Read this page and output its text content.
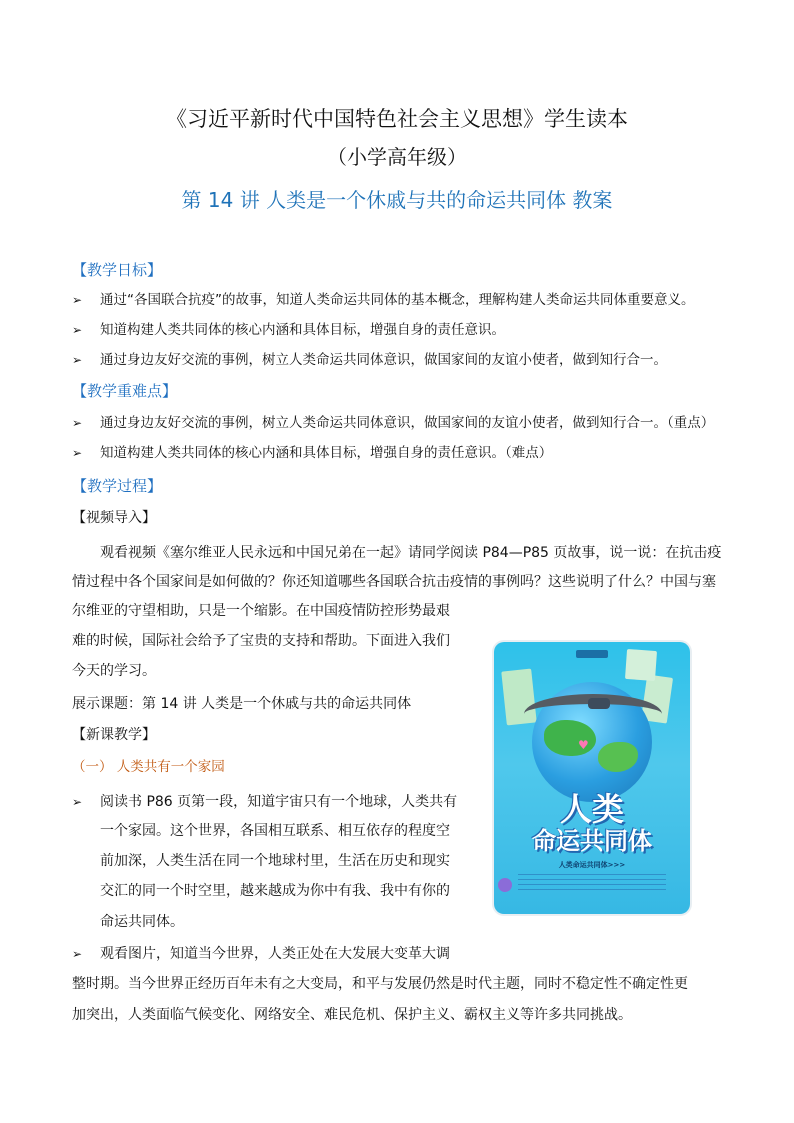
《习近平新时代中国特色社会主义思想》学生读本
（小学高年级）
第 14 讲 人类是一个休戚与共的命运共同体 教案
【教学日标】
➢ 通过“各国联合抗疫”的故事，知道人类命运共同体的基本概念，理解构建人类命运共同体重要意义。
➢ 知道构建人类共同体的核心内涵和具体目标，增强自身的责任意识。
➢ 通过身边友好交流的事例，树立人类命运共同体意识，做国家间的友谊小使者，做到知行合一。
【教学重难点】
➢ 通过身边友好交流的事例，树立人类命运共同体意识，做国家间的友谊小使者，做到知行合一。（重点）
➢ 知道构建人类共同体的核心内涵和具体目标，增强自身的责任意识。（难点）
【教学过程】
【视频导入】
观看视频《塞尔维亚人民永远和中国兄弟在一起》请同学阅读 P84—P85 页故事，说一说：在抗击疫
情过程中各个国家间是如何做的？你还知道哪些各国联合抗击疫情的事例吗？这些说明了什么？中国与塞
尔维亚的守望相助，只是一个缩影。在中国疫情防控形势最艰
难的时候，国际社会给予了宝贵的支持和帮助。下面进入我们
今天的学习。
展示课题：第 14 讲 人类是一个休戚与共的命运共同体
【新课教学】
（一） 人类共有一个家园
➢ 阅读书 P86 页第一段，知道宇宙只有一个地球，人类共有
一个家园。这个世界，各国相互联系、相互依存的程度空
前加深，人类生活在同一个地球村里，生活在历史和现实
交汇的同一个时空里，越来越成为你中有我、我中有你的
命运共同体。
➢ 观看图片，知道当今世界，人类正处在大发展大变革大调
整时期。当今世界正经历百年未有之大变局，和平与发展仍然是时代主题，同时不稳定性不确定性更
加突出，人类面临气候变化、网络安全、难民危机、保护主义、霸权主义等许多共同挑战。
♥
人类
命运共同体
人类命运共同体>>>
